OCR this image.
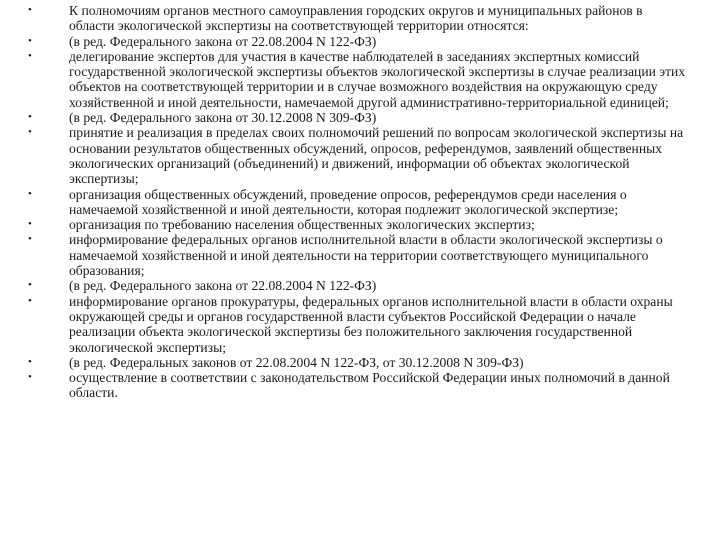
•	К полномочиям органов местного самоуправления городских округов и муниципальных районов в области экологической экспертизы на соответствующей территории относятся:
•	(в ред. Федерального закона от 22.08.2004 N 122-ФЗ)
•	делегирование экспертов для участия в качестве наблюдателей в заседаниях экспертных комиссий государственной экологической экспертизы объектов экологической экспертизы в случае реализации этих объектов на соответствующей территории и в случае возможного воздействия на окружающую среду хозяйственной и иной деятельности, намечаемой другой административно-территориальной единицей;
•	(в ред. Федерального закона от 30.12.2008 N 309-ФЗ)
•	принятие и реализация в пределах своих полномочий решений по вопросам экологической экспертизы на основании результатов общественных обсуждений, опросов, референдумов, заявлений общественных экологических организаций (объединений) и движений, информации об объектах экологической экспертизы;
•	организация общественных обсуждений, проведение опросов, референдумов среди населения о намечаемой хозяйственной и иной деятельности, которая подлежит экологической экспертизе;
•	организация по требованию населения общественных экологических экспертиз;
•	информирование федеральных органов исполнительной власти в области экологической экспертизы о намечаемой хозяйственной и иной деятельности на территории соответствующего муниципального образования;
•	(в ред. Федерального закона от 22.08.2004 N 122-ФЗ)
•	информирование органов прокуратуры, федеральных органов исполнительной власти в области охраны окружающей среды и органов государственной власти субъектов Российской Федерации о начале реализации объекта экологической экспертизы без положительного заключения государственной экологической экспертизы;
•	(в ред. Федеральных законов от 22.08.2004 N 122-ФЗ, от 30.12.2008 N 309-ФЗ)
•	осуществление в соответствии с законодательством Российской Федерации иных полномочий в данной области.
